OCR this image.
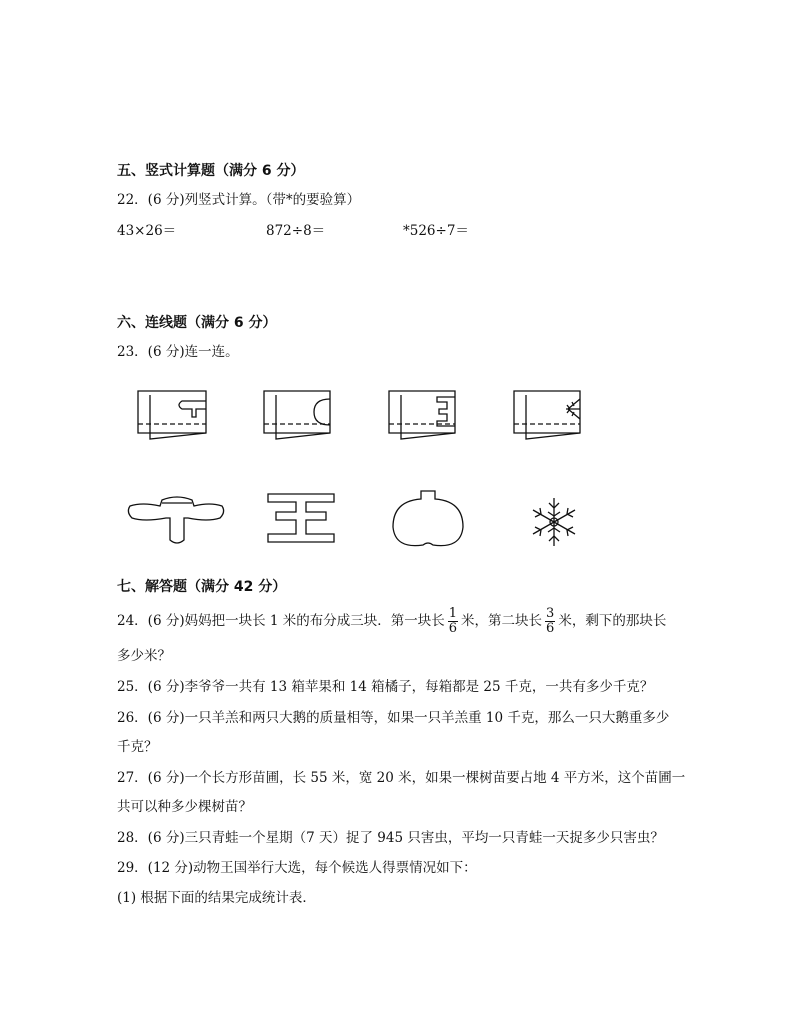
五、竖式计算题（满分 6 分）
22．(6 分)列竖式计算。（带*的要验算）
43×26＝	872÷8＝	*526÷7＝
六、连线题（满分 6 分）
23．(6 分)连一连。
七、解答题（满分 42 分）
24．(6 分)妈妈把一块长 1 米的布分成三块．第一块长 $\frac{1}{6}$ 米，第二块长 $\frac{3}{6}$ 米，剩下的那块长
多少米？
25．(6 分)李爷爷一共有 13 箱苹果和 14 箱橘子，每箱都是 25 千克，一共有多少千克？
26．(6 分)一只羊羔和两只大鹅的质量相等，如果一只羊羔重 10 千克，那么一只大鹅重多少
千克？
27．(6 分)一个长方形苗圃，长 55 米，宽 20 米，如果一棵树苗要占地 4 平方米，这个苗圃一
共可以种多少棵树苗？
28．(6 分)三只青蛙一个星期（7 天）捉了 945 只害虫，平均一只青蛙一天捉多少只害虫？
29．(12 分)动物王国举行大选，每个候选人得票情况如下：
(1) 根据下面的结果完成统计表．
